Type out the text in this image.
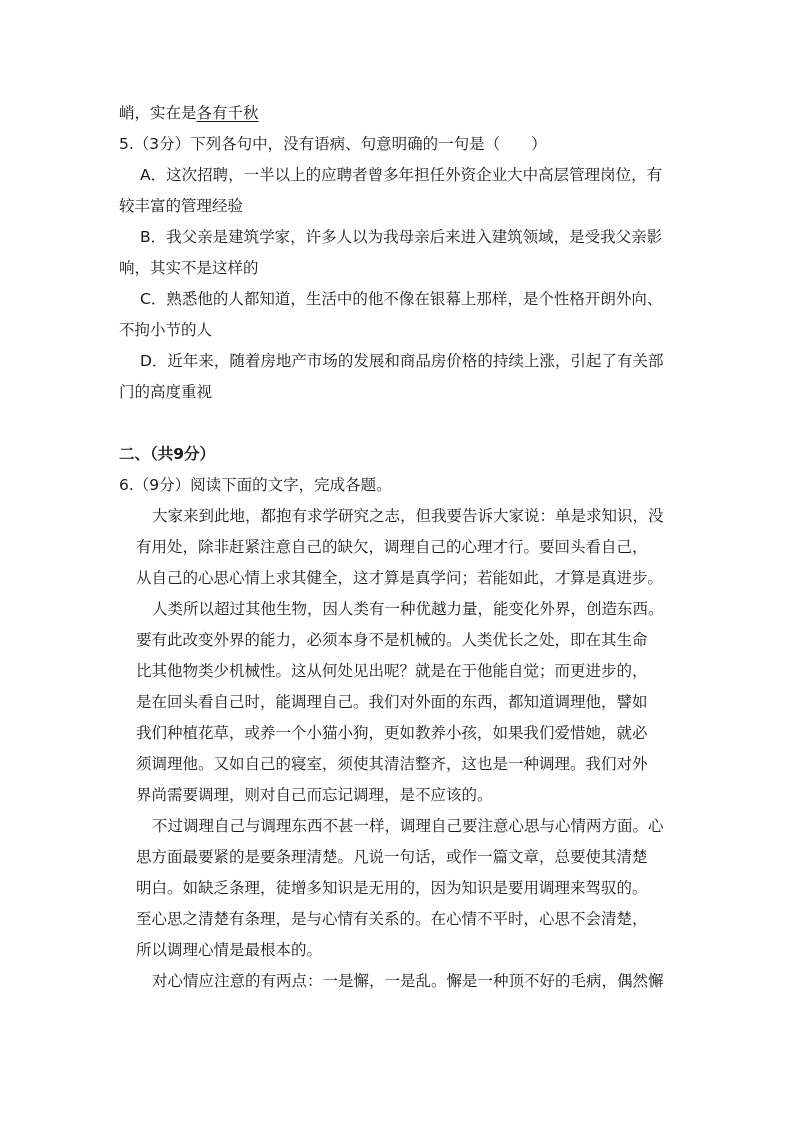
峭，实在是各有千秋
5.（3分）下列各句中，没有语病、句意明确的一句是（　　）
A．这次招聘，一半以上的应聘者曾多年担任外资企业大中高层管理岗位，有
较丰富的管理经验
B．我父亲是建筑学家，许多人以为我母亲后来进入建筑领域，是受我父亲影
响，其实不是这样的
C．熟悉他的人都知道，生活中的他不像在银幕上那样，是个性格开朗外向、
不拘小节的人
D．近年来，随着房地产市场的发展和商品房价格的持续上涨，引起了有关部
门的高度重视
二、（共9分）
6.（9分）阅读下面的文字，完成各题。
大家来到此地，都抱有求学研究之志，但我要告诉大家说：单是求知识，没
有用处，除非赶紧注意自己的缺欠，调理自己的心理才行。要回头看自己，
从自己的心思心情上求其健全，这才算是真学问；若能如此，才算是真进步。
人类所以超过其他生物，因人类有一种优越力量，能变化外界，创造东西。
要有此改变外界的能力，必须本身不是机械的。人类优长之处，即在其生命
比其他物类少机械性。这从何处见出呢？就是在于他能自觉；而更进步的，
是在回头看自己时，能调理自己。我们对外面的东西，都知道调理他，譬如
我们种植花草，或养一个小猫小狗，更如教养小孩，如果我们爱惜她，就必
须调理他。又如自己的寝室，须使其清洁整齐，这也是一种调理。我们对外
界尚需要调理，则对自己而忘记调理，是不应该的。
不过调理自己与调理东西不甚一样，调理自己要注意心思与心情两方面。心
思方面最要紧的是要条理清楚。凡说一句话，或作一篇文章，总要使其清楚
明白。如缺乏条理，徒增多知识是无用的，因为知识是要用调理来驾驭的。
至心思之清楚有条理，是与心情有关系的。在心情不平时，心思不会清楚，
所以调理心情是最根本的。
对心情应注意的有两点：一是懈，一是乱。懈是一种顶不好的毛病，偶然懈
